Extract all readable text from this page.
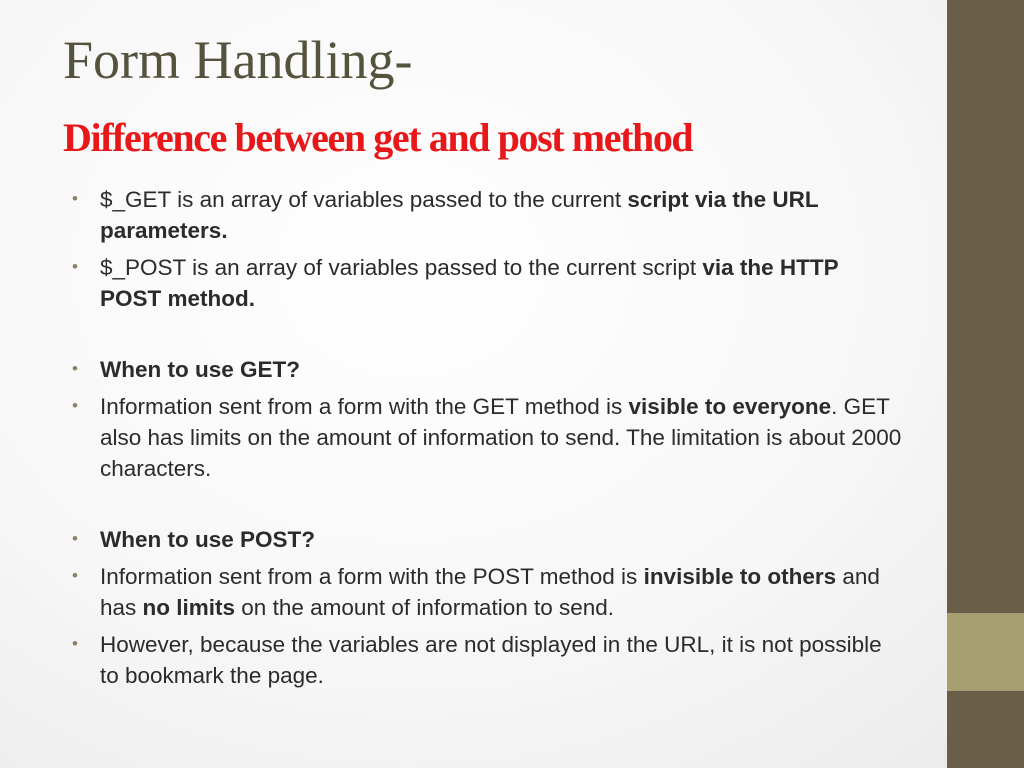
Form Handling-
Difference between get and post method
• $_GET is an array of variables passed to the current script via the URL parameters.
• $_POST is an array of variables passed to the current script via the HTTP POST method.
• When to use GET?
• Information sent from a form with the GET method is visible to everyone. GET also has limits on the amount of information to send. The limitation is about 2000 characters.
• When to use POST?
• Information sent from a form with the POST method is invisible to others and has no limits on the amount of information to send.
• However, because the variables are not displayed in the URL, it is not possible to bookmark the page.
